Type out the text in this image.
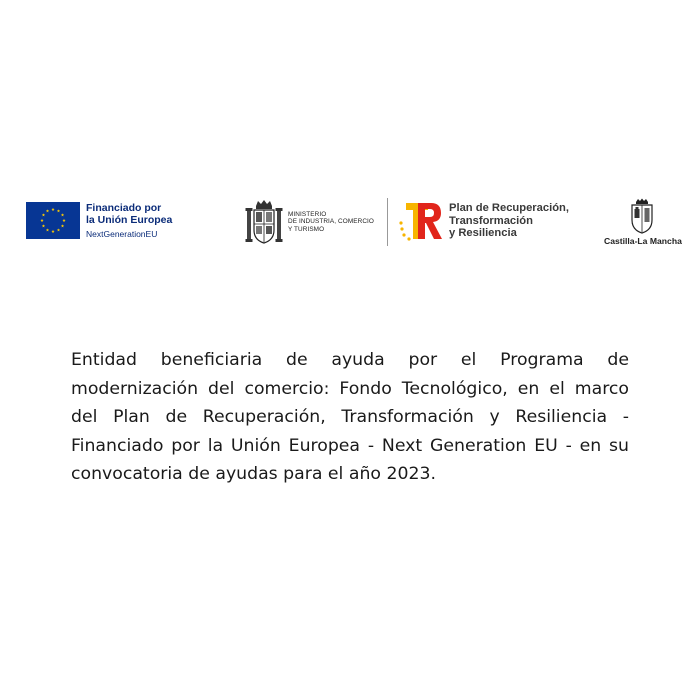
Financiado por
la Unión Europea
NextGenerationEU
MINISTERIO
DE INDUSTRIA, COMERCIO
Y TURISMO
Plan de Recuperación,
Transformación
y Resiliencia
Castilla-La Mancha

Entidad beneficiaria de ayuda por el Programa de modernización del comercio: Fondo Tecnológico, en el marco del Plan de Recuperación, Transformación y Resiliencia - Financiado por la Unión Europea - Next Generation EU - en su convocatoria de ayudas para el año 2023.
